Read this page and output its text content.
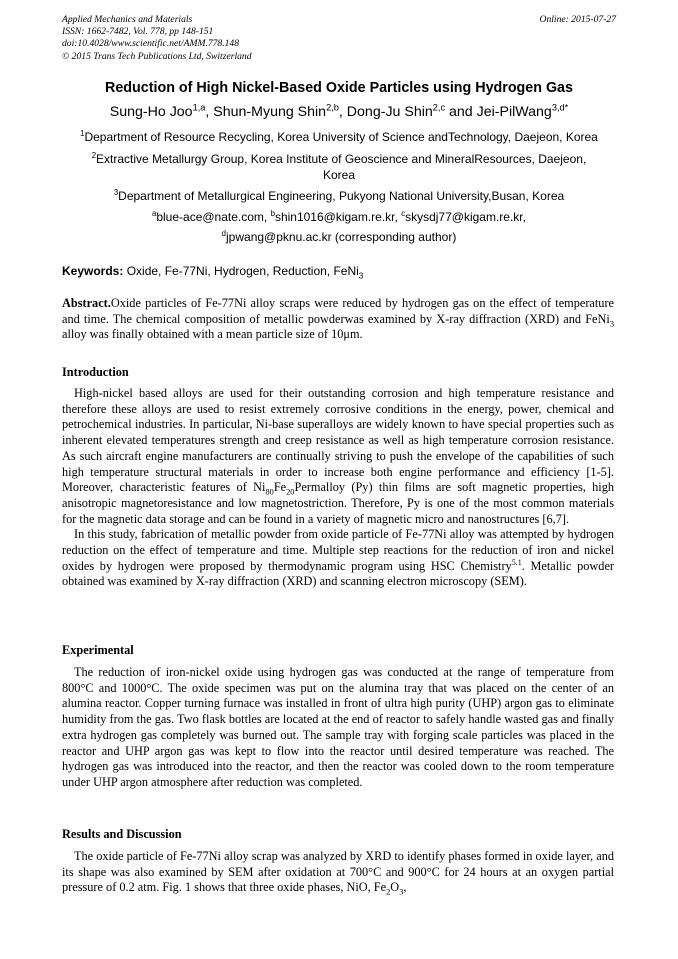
Applied Mechanics and Materials
ISSN: 1662-7482, Vol. 778, pp 148-151
doi:10.4028/www.scientific.net/AMM.778.148
© 2015 Trans Tech Publications Ltd, Switzerland
Online: 2015-07-27
Reduction of High Nickel-Based Oxide Particles using Hydrogen Gas
Sung-Ho Joo$^{1,a}$, Shun-Myung Shin$^{2,b}$, Dong-Ju Shin$^{2,c}$ and Jei-PilWang$^{3,d*}$
$^1$Department of Resource Recycling, Korea University of Science andTechnology, Daejeon, Korea
$^2$Extractive Metallurgy Group, Korea Institute of Geoscience and MineralResources, Daejeon,
Korea
$^3$Department of Metallurgical Engineering, Pukyong National University,Busan, Korea
$^a$blue-ace@nate.com, $^b$shin1016@kigam.re.kr, $^c$skysdj77@kigam.re.kr,
$^d$jpwang@pknu.ac.kr (corresponding author)
Keywords: Oxide, Fe-77Ni, Hydrogen, Reduction, FeNi$_3$

Abstract.Oxide particles of Fe-77Ni alloy scraps were reduced by hydrogen gas on the effect of temperature and time. The chemical composition of metallic powderwas examined by X-ray diffraction (XRD) and FeNi$_3$ alloy was finally obtained with a mean particle size of 10μm.

Introduction

High-nickel based alloys are used for their outstanding corrosion and high temperature resistance and therefore these alloys are used to resist extremely corrosive conditions in the energy, power, chemical and petrochemical industries. In particular, Ni-base superalloys are widely known to have special properties such as inherent elevated temperatures strength and creep resistance as well as high temperature corrosion resistance. As such aircraft engine manufacturers are continually striving to push the envelope of the capabilities of such high temperature structural materials in order to increase both engine performance and efficiency [1-5]. Moreover, characteristic features of $Ni_{80}Fe_{20}Permalloy$ (Py) thin films are soft magnetic properties, high anisotropic magnetoresistance and low magnetostriction. Therefore, Py is one of the most common materials for the magnetic data storage and can be found in a variety of magnetic micro and nanostructures [6,7].

In this study, fabrication of metallic powder from oxide particle of Fe-77Ni alloy was attempted by hydrogen reduction on the effect of temperature and time. Multiple step reactions for the reduction of iron and nickel oxides by hydrogen were proposed by thermodynamic program using HSC Chemistry$^{5.1}$. Metallic powder obtained was examined by X-ray diffraction (XRD) and scanning electron microscopy (SEM).

Experimental

The reduction of iron-nickel oxide using hydrogen gas was conducted at the range of temperature from 800°C and 1000°C. The oxide specimen was put on the alumina tray that was placed on the center of an alumina reactor. Copper turning furnace was installed in front of ultra high purity (UHP) argon gas to eliminate humidity from the gas. Two flask bottles are located at the end of reactor to safely handle wasted gas and finally extra hydrogen gas completely was burned out. The sample tray with forging scale particles was placed in the reactor and UHP argon gas was kept to flow into the reactor until desired temperature was reached. The hydrogen gas was introduced into the reactor, and then the reactor was cooled down to the room temperature under UHP argon atmosphere after reduction was completed.

Results and Discussion

The oxide particle of Fe-77Ni alloy scrap was analyzed by XRD to identify phases formed in oxide layer, and its shape was also examined by SEM after oxidation at 700°C and 900°C for 24 hours at an oxygen partial pressure of 0.2 atm. Fig. 1 shows that three oxide phases, NiO, $Fe_2O_3$,
